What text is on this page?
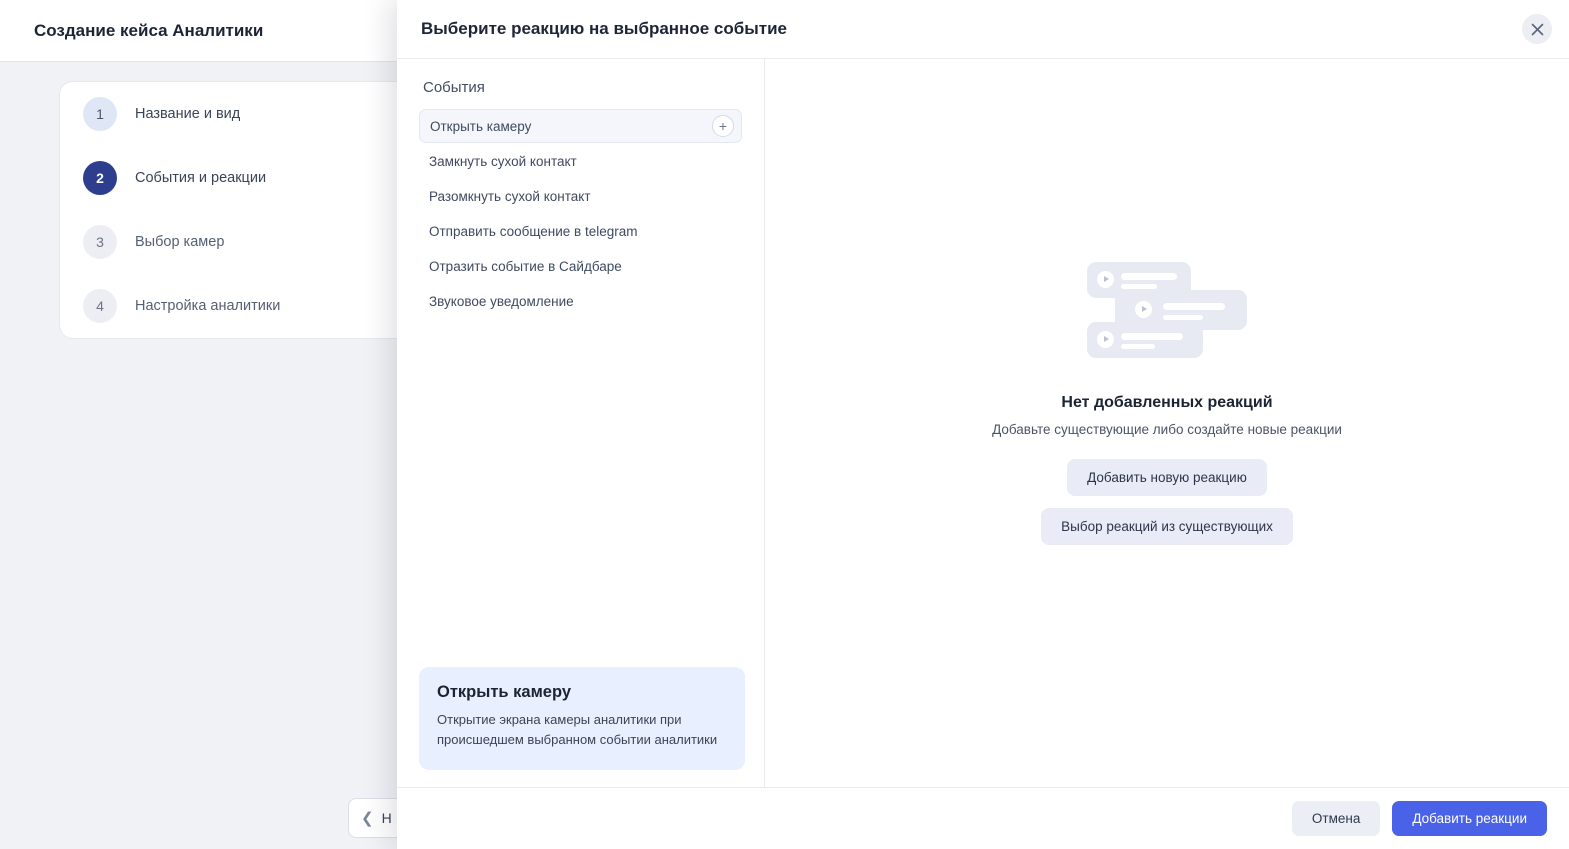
Создание кейса Аналитики
1	Название и вид
2	События и реакции
3	Выбор камер
4	Настройка аналитики
❮ Н
Выберите реакцию на выбранное событие
События
Открыть камеру	+
Замкнуть сухой контакт
Разомкнуть сухой контакт
Отправить сообщение в telegram
Отразить событие в Сайдбаре
Звуковое уведомление
Открыть камеру

Открытие экрана камеры аналитики при происшедшем выбранном событии аналитики

Нет добавленных реакций
Добавьте существующие либо создайте новые реакции
Добавить новую реакцию
Выбор реакций из существующих
Отмена	Добавить реакции
